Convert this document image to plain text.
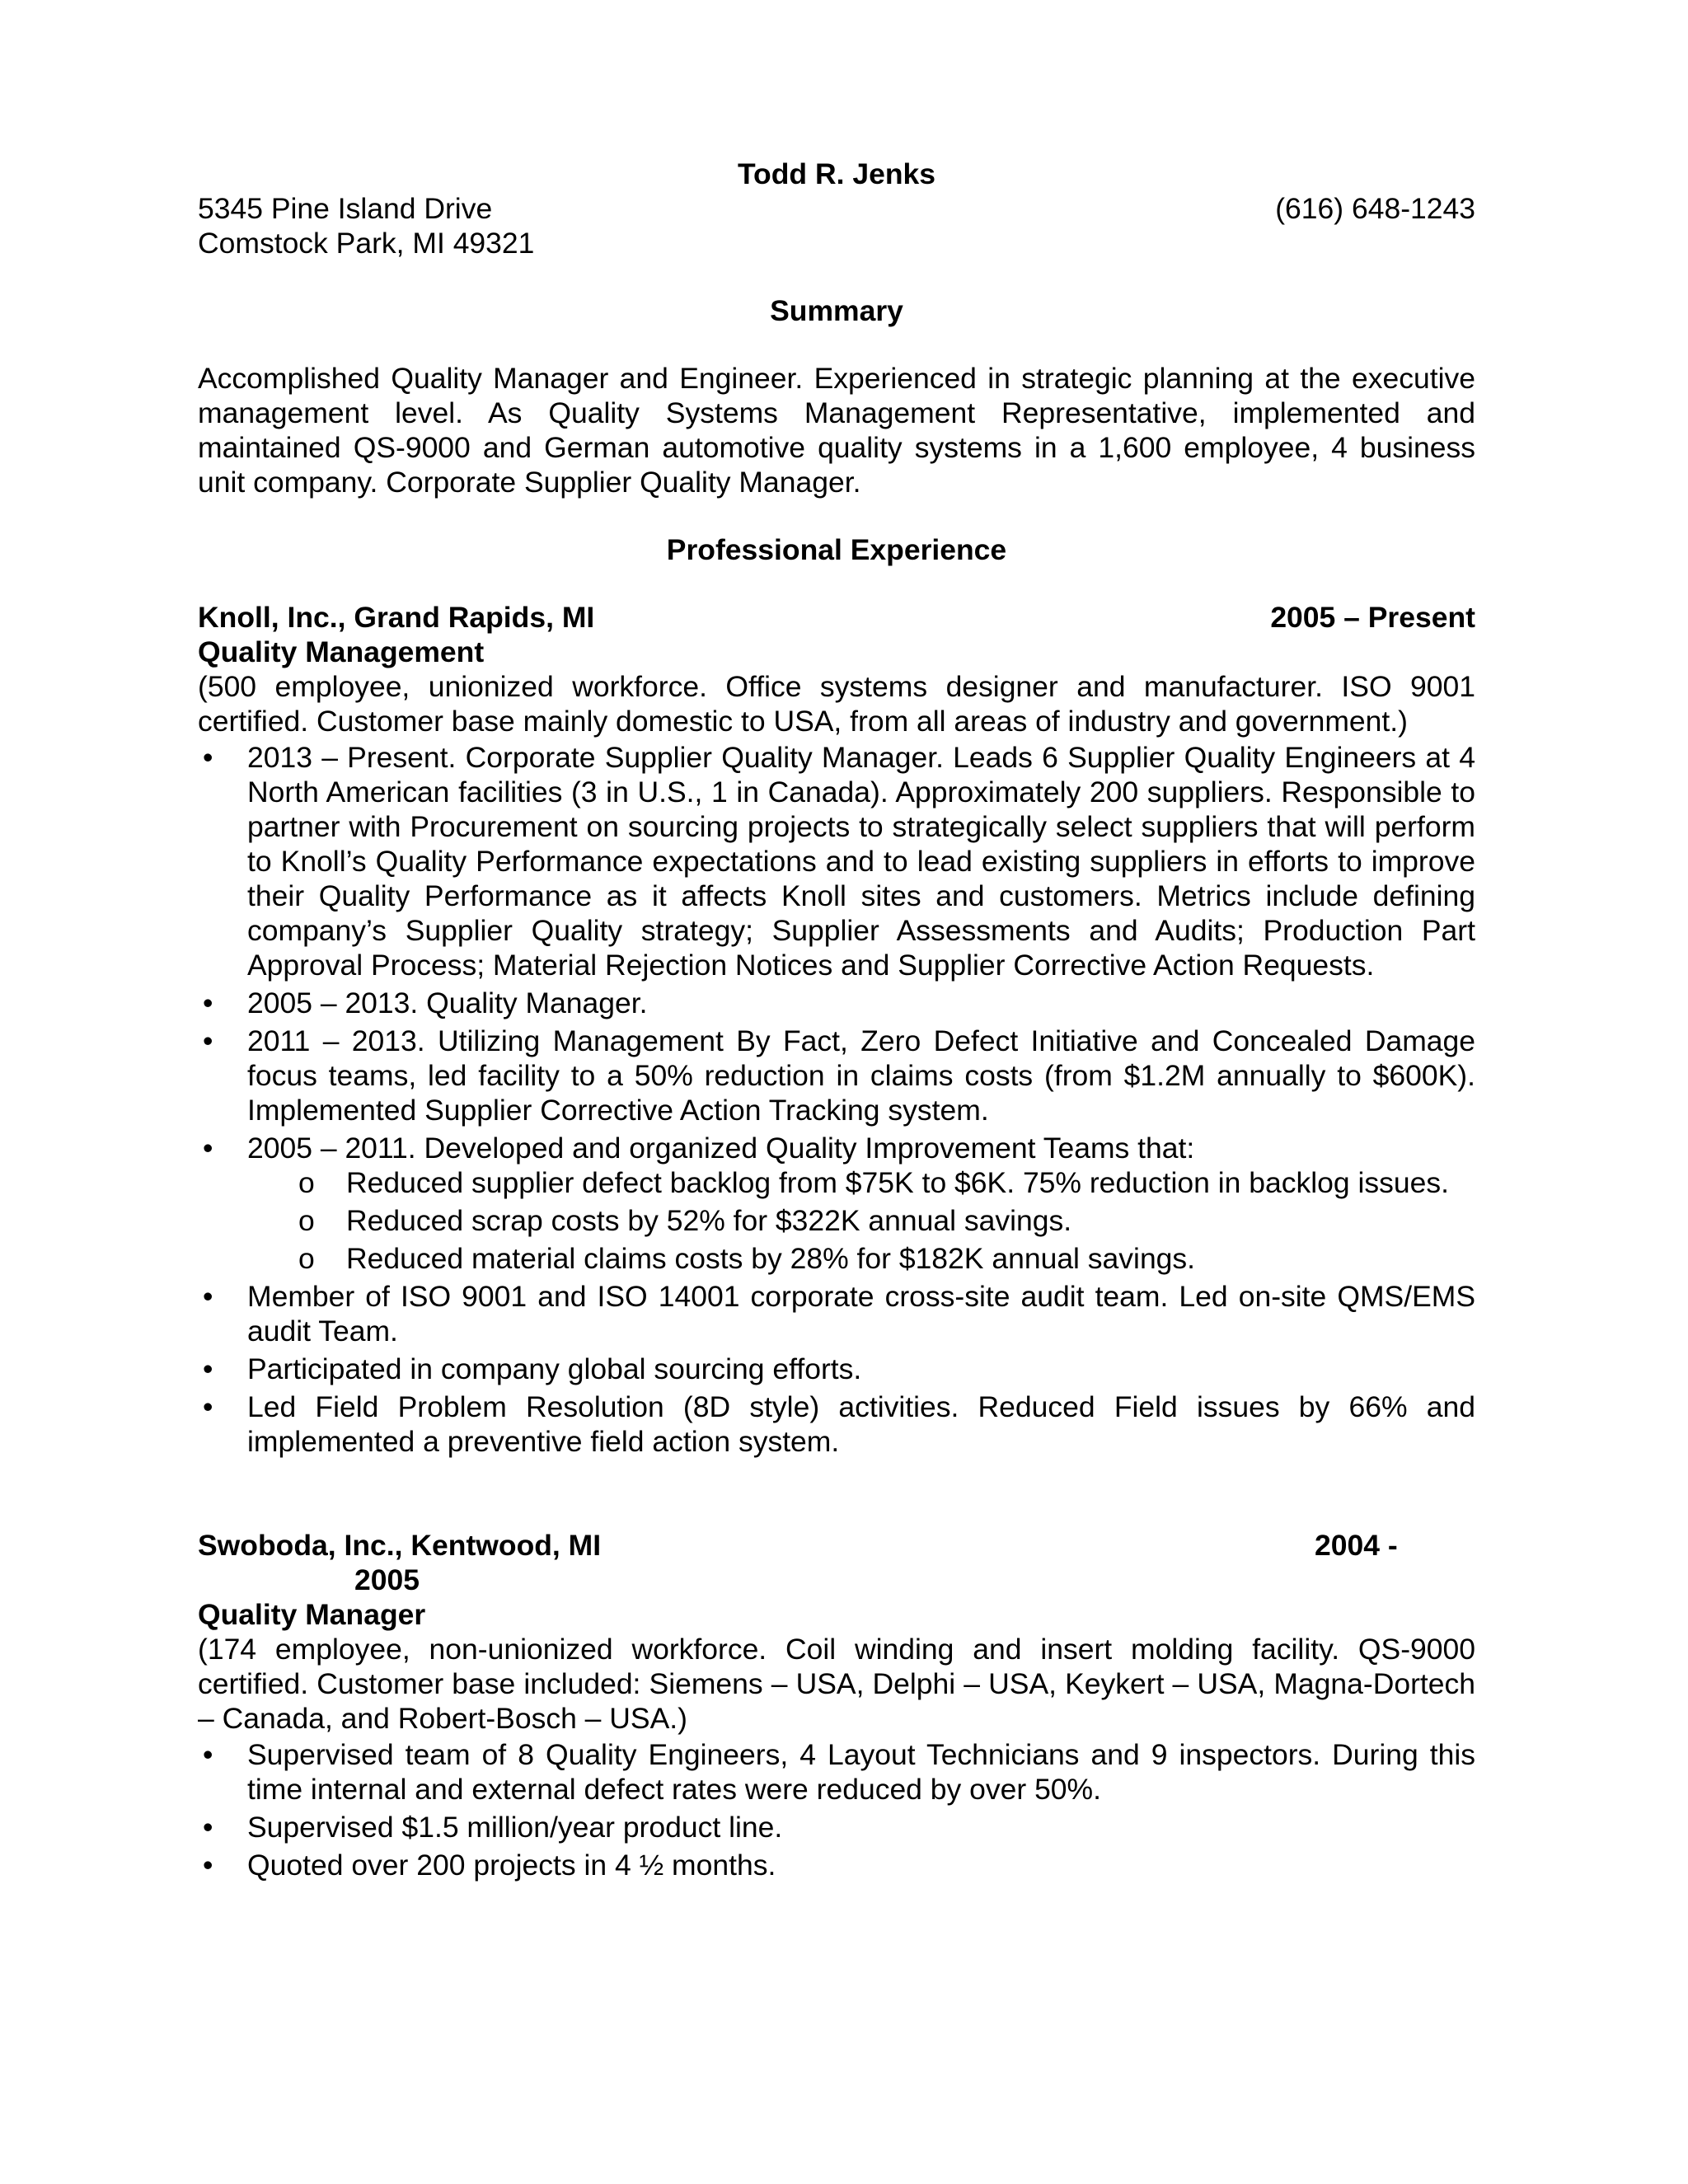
Todd R. Jenks
5345 Pine Island Drive	(616) 648-1243
Comstock Park, MI 49321
Summary
Accomplished Quality Manager and Engineer. Experienced in strategic planning at the executive management level. As Quality Systems Management Representative, implemented and maintained QS-9000 and German automotive quality systems in a 1,600 employee, 4 business unit company. Corporate Supplier Quality Manager.
Professional Experience
Knoll, Inc., Grand Rapids, MI	2005 – Present
Quality Management
(500 employee, unionized workforce. Office systems designer and manufacturer. ISO 9001 certified. Customer base mainly domestic to USA, from all areas of industry and government.)
•	2013 – Present. Corporate Supplier Quality Manager. Leads 6 Supplier Quality Engineers at 4 North American facilities (3 in U.S., 1 in Canada). Approximately 200 suppliers. Responsible to partner with Procurement on sourcing projects to strategically select suppliers that will perform to Knoll’s Quality Performance expectations and to lead existing suppliers in efforts to improve their Quality Performance as it affects Knoll sites and customers. Metrics include defining company’s Supplier Quality strategy; Supplier Assessments and Audits; Production Part Approval Process; Material Rejection Notices and Supplier Corrective Action Requests.
•	2005 – 2013. Quality Manager.
•	2011 – 2013. Utilizing Management By Fact, Zero Defect Initiative and Concealed Damage focus teams, led facility to a 50% reduction in claims costs (from $1.2M annually to $600K). Implemented Supplier Corrective Action Tracking system.
•	2005 – 2011. Developed and organized Quality Improvement Teams that:
o Reduced supplier defect backlog from $75K to $6K. 75% reduction in backlog issues.
o Reduced scrap costs by 52% for $322K annual savings.
o Reduced material claims costs by 28% for $182K annual savings.
•	Member of ISO 9001 and ISO 14001 corporate cross-site audit team. Led on-site QMS/EMS audit Team.
•	Participated in company global sourcing efforts.
•	Led Field Problem Resolution (8D style) activities. Reduced Field issues by 66% and implemented a preventive field action system.
Swoboda, Inc., Kentwood, MI	2004 -
2005
Quality Manager
(174 employee, non-unionized workforce. Coil winding and insert molding facility. QS-9000 certified. Customer base included: Siemens – USA, Delphi – USA, Keykert – USA, Magna-Dortech – Canada, and Robert-Bosch – USA.)
•	Supervised team of 8 Quality Engineers, 4 Layout Technicians and 9 inspectors. During this time internal and external defect rates were reduced by over 50%.
•	Supervised $1.5 million/year product line.
•	Quoted over 200 projects in 4 ½ months.
